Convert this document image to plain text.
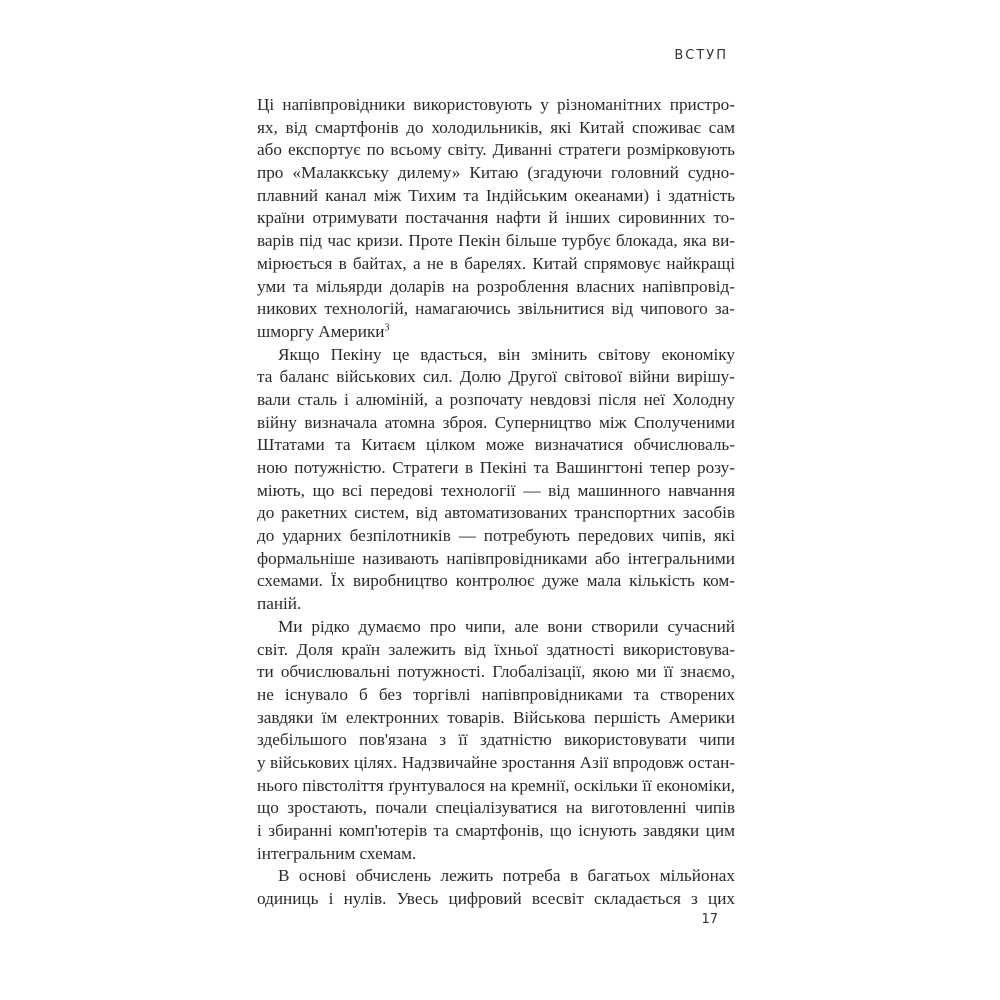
ВСТУП
Ці напівпровідники використовують у різноманітних пристро-
ях, від смартфонів до холодильників, які Китай споживає сам
або експортує по всьому світу. Диванні стратеги розмірковують
про «Малаккську дилему» Китаю (згадуючи головний судно-
плавний канал між Тихим та Індійським океанами) і здатність
країни отримувати постачання нафти й інших сировинних то-
варів під час кризи. Проте Пекін більше турбує блокада, яка ви-
мірюється в байтах, а не в барелях. Китай спрямовує найкращі
уми та мільярди доларів на розроблення власних напівпровід-
никових технологій, намагаючись звільнитися від чипового за-
шморгу Америки$^3$
Якщо Пекіну це вдасться, він змінить світову економіку
та баланс військових сил. Долю Другої світової війни вирішу-
вали сталь і алюміній, а розпочату невдовзі після неї Холодну
війну визначала атомна зброя. Суперництво між Сполученими
Штатами та Китаєм цілком може визначатися обчислюваль-
ною потужністю. Стратеги в Пекіні та Вашингтоні тепер розу-
міють, що всі передові технології — від машинного навчання
до ракетних систем, від автоматизованих транспортних засобів
до ударних безпілотників — потребують передових чипів, які
формальніше називають напівпровідниками або інтегральними
схемами. Їх виробництво контролює дуже мала кількість ком-
паній.
Ми рідко думаємо про чипи, але вони створили сучасний
світ. Доля країн залежить від їхньої здатності використовува-
ти обчислювальні потужності. Глобалізації, якою ми її знаємо,
не існувало б без торгівлі напівпровідниками та створених
завдяки їм електронних товарів. Військова першість Америки
здебільшого пов'язана з її здатністю використовувати чипи
у військових цілях. Надзвичайне зростання Азії впродовж остан-
нього півстоліття ґрунтувалося на кремнії, оскільки її економіки,
що зростають, почали спеціалізуватися на виготовленні чипів
і збиранні комп'ютерів та смартфонів, що існують завдяки цим
інтегральним схемам.
В основі обчислень лежить потреба в багатьох мільйонах
одиниць і нулів. Увесь цифровий всесвіт складається з цих
17
